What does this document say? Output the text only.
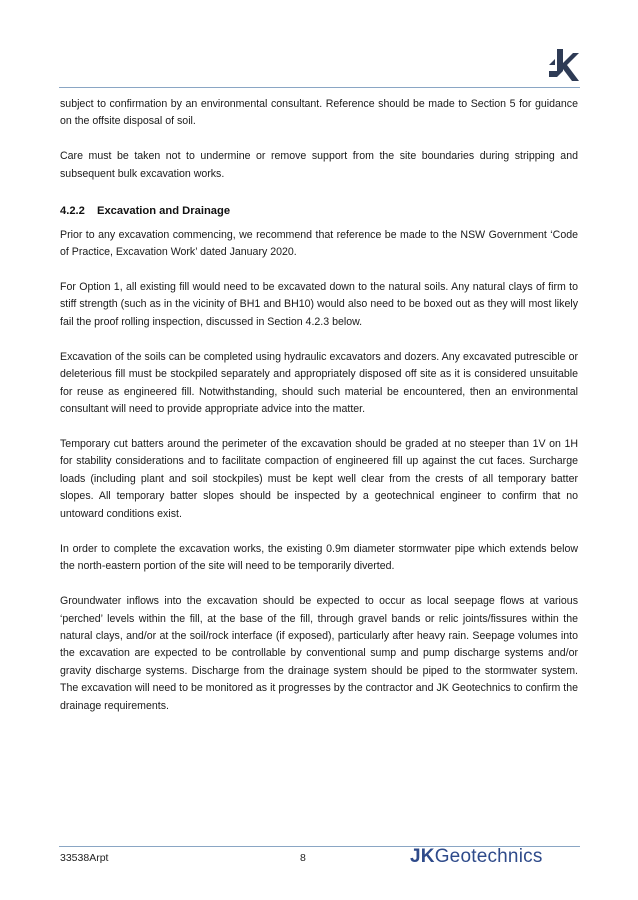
subject to confirmation by an environmental consultant. Reference should be made to Section 5 for guidance on the offsite disposal of soil.

Care must be taken not to undermine or remove support from the site boundaries during stripping and subsequent bulk excavation works.

4.2.2 Excavation and Drainage

Prior to any excavation commencing, we recommend that reference be made to the NSW Government ‘Code of Practice, Excavation Work’ dated January 2020.

For Option 1, all existing fill would need to be excavated down to the natural soils. Any natural clays of firm to stiff strength (such as in the vicinity of BH1 and BH10) would also need to be boxed out as they will most likely fail the proof rolling inspection, discussed in Section 4.2.3 below.

Excavation of the soils can be completed using hydraulic excavators and dozers. Any excavated putrescible or deleterious fill must be stockpiled separately and appropriately disposed off site as it is considered unsuitable for reuse as engineered fill. Notwithstanding, should such material be encountered, then an environmental consultant will need to provide appropriate advice into the matter.

Temporary cut batters around the perimeter of the excavation should be graded at no steeper than 1V on 1H for stability considerations and to facilitate compaction of engineered fill up against the cut faces. Surcharge loads (including plant and soil stockpiles) must be kept well clear from the crests of all temporary batter slopes. All temporary batter slopes should be inspected by a geotechnical engineer to confirm that no untoward conditions exist.

In order to complete the excavation works, the existing 0.9m diameter stormwater pipe which extends below the north-eastern portion of the site will need to be temporarily diverted.

Groundwater inflows into the excavation should be expected to occur as local seepage flows at various ‘perched’ levels within the fill, at the base of the fill, through gravel bands or relic joints/fissures within the natural clays, and/or at the soil/rock interface (if exposed), particularly after heavy rain. Seepage volumes into the excavation are expected to be controllable by conventional sump and pump discharge systems and/or gravity discharge systems. Discharge from the drainage system should be piped to the stormwater system. The excavation will need to be monitored as it progresses by the contractor and JK Geotechnics to confirm the drainage requirements.

33538Arpt	8	JKGeotechnics
